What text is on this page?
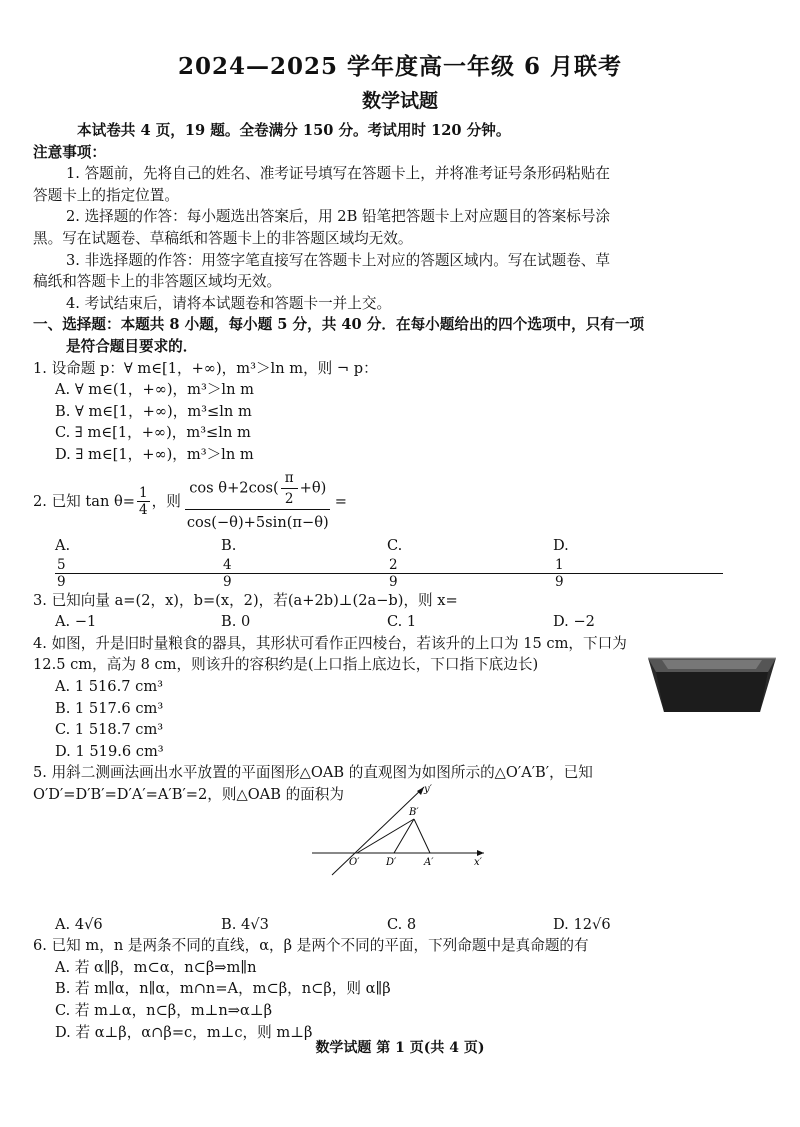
2024—2025 学年度高一年级 6 月联考
数学试题
本试卷共 4 页，19 题。全卷满分 150 分。考试用时 120 分钟。
注意事项：
1. 答题前，先将自己的姓名、准考证号填写在答题卡上，并将准考证号条形码粘贴在
答题卡上的指定位置。
2. 选择题的作答：每小题选出答案后，用 2B 铅笔把答题卡上对应题目的答案标号涂
黑。写在试题卷、草稿纸和答题卡上的非答题区域均无效。
3. 非选择题的作答：用签字笔直接写在答题卡上对应的答题区域内。写在试题卷、草
稿纸和答题卡上的非答题区域均无效。
4. 考试结束后，请将本试题卷和答题卡一并上交。
一、选择题：本题共 8 小题，每小题 5 分，共 40 分．在每小题给出的四个选项中，只有一项
是符合题目要求的．
1. 设命题 p：∀ m∈[1，+∞)，m³＞ln m，则 ¬ p：
A. ∀ m∈(1，+∞)，m³＞ln m
B. ∀ m∈[1，+∞)，m³≤ln m
C. ∃ m∈[1，+∞)，m³≤ln m
D. ∃ m∈[1，+∞)，m³＞ln m
2. 已知 $\tan \theta= \frac{1}{4}$ ，则 $\frac{\cos \theta+2\cos( \frac{\pi}{2} +\theta)}{\cos(-\theta)+5\sin(\pi-\theta)}$ =
A.
$\frac{5}{9}$
B.
$\frac{4}{9}$
C.
$\frac{2}{9}$
D.
$\frac{1}{9}$
3. 已知向量 a=(2，x)，b=(x，2)，若(a+2b)⊥(2a−b)，则 x=
A. −1	B. 0	C. 1	D. −2
4. 如图，升是旧时量粮食的器具，其形状可看作正四棱台，若该升的上口为 15 cm，下口为
12.5 cm，高为 8 cm，则该升的容积约是(上口指上底边长，下口指下底边长)
A. 1 516.7 cm³
B. 1 517.6 cm³
C. 1 518.7 cm³
D. 1 519.6 cm³
5. 用斜二测画法画出水平放置的平面图形△OAB 的直观图为如图所示的△O′A′B′，已知
O′D′=D′B′=D′A′=A′B′=2，则△OAB 的面积为
A. 4√6	B. 4√3	C. 8	D. 12√6
6. 已知 m，n 是两条不同的直线，α，β 是两个不同的平面，下列命题中是真命题的有
A. 若 α∥β，m⊂α，n⊂β⇒m∥n
B. 若 m∥α，n∥α，m∩n=A，m⊂β，n⊂β，则 α∥β
C. 若 m⊥α，n⊂β，m⊥n⇒α⊥β
D. 若 α⊥β，α∩β=c，m⊥c，则 m⊥β
y′
B′
O′	D′	A′	x′
数学试题 第 1 页(共 4 页)
